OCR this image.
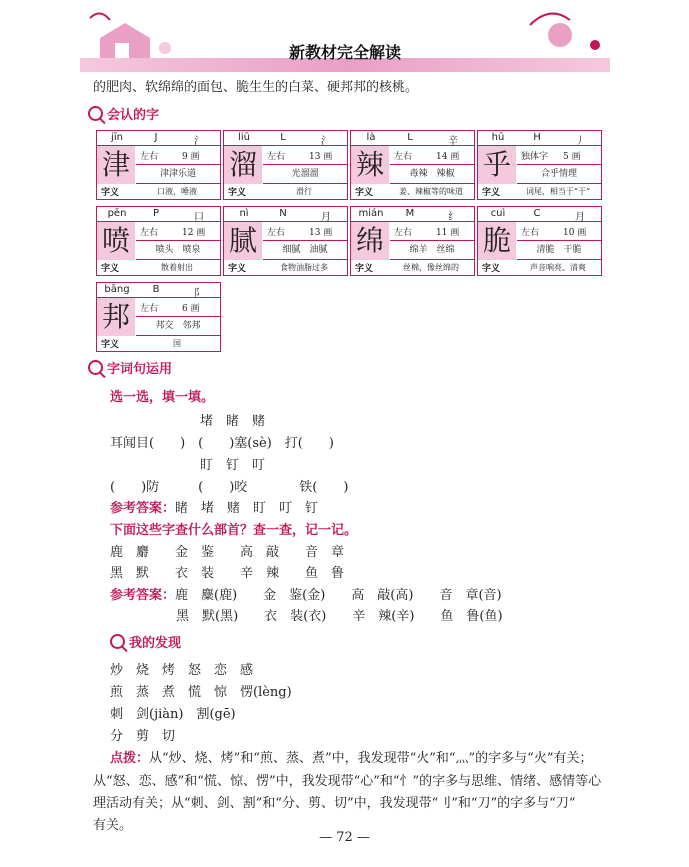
新教材完全解读
的肥肉、软绵绵的面包、脆生生的白菜、硬邦邦的核桃。
会认的字
jīn	J	氵
津	左右	9 画
津津乐道
字义	口液，唾液
liū	L	氵
溜	左右	13 画
光溜溜
字义	滑行
là	L	辛
辣	左右	14 画
毒辣　辣椒
字义	姜、辣椒等的味道
hū	H	丿
乎	独体字 5 画
合乎情理
字义	词尾，相当于“于”
pēn	P	口
喷	左右	12 画
喷头　喷泉
字义	散着射出
nì	N	月
腻	左右	13 画
细腻　油腻
字义	食物油脂过多
mián	M	纟
绵	左右	11 画
绵羊　丝绵
字义	丝棉，像丝绵的
cuì	C	月
脆	左右	10 画
清脆　干脆
字义	声音响亮、清爽
bāng	B	阝
邦	左右	6 画
邦交　邻邦
字义	国
字词句运用
选一选，填一填。
堵　睹　赌
耳闻目(　　)　(　　)塞(sè)　打(　　)
盯　钉　叮
(　　)防　　　(　　)咬　　　　铁(　　)
参考答案：睹　堵　赌　盯　叮　钉
下面这些字查什么部首？查一查，记一记。
鹿　麝　　金　鉴　　高　敲　　音　章
黑　默　　衣　装　　辛　辣　　鱼　鲁
参考答案：鹿　麋(鹿)　　金　鉴(金)　　高　敲(高)　　音　章(音)
黑　默(黑)　　衣　装(衣)　　辛　辣(辛)　　鱼　鲁(鱼)
我的发现
炒　烧　烤　怒　恋　感
煎　蒸　煮　慌　惊　愣(lèng)
刺　剑(jiàn)　割(gē)
分　剪　切
点拨：从“炒、烧、烤”和“煎、蒸、煮”中，我发现带“火”和“灬”的字多与“火”有关；
从“怒、恋、感”和“慌、惊、愣”中，我发现带“心”和“忄”的字多与思维、情绪、感情等心
理活动有关；从“刺、剑、割”和“分、剪、切”中，我发现带“刂”和“刀”的字多与“刀”
有关。
— 72 —
